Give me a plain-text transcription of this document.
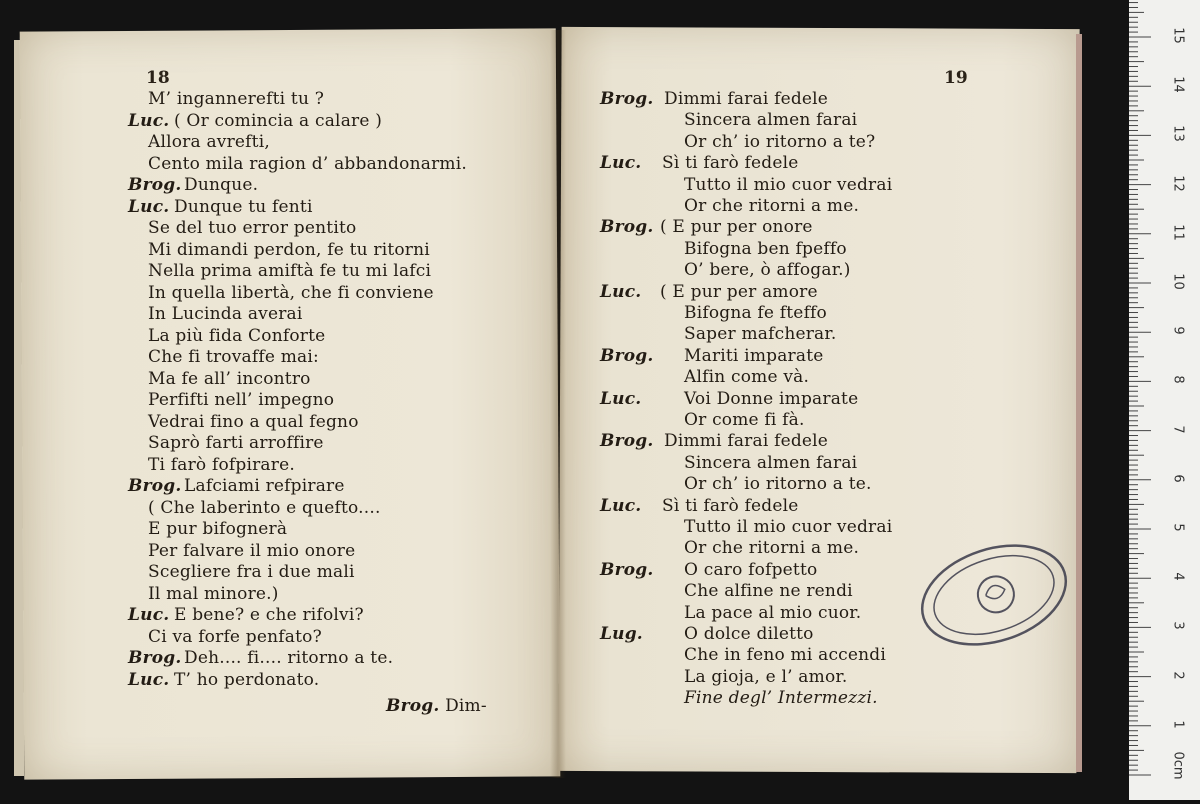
18	19
M’ ingannerefti tu ?
Luc. ( Or comincia a calare )
Allora avrefti,
Cento mila ragion d’ abbandonarmi.
Brog. Dunque.
Luc. Dunque tu fenti
Se del tuo error pentito
Mi dimandi perdon, fe tu ritorni
Nella prima amiftà fe tu mi lafci
In quella libertà, che fi conviene
In Lucinda averai
La più fida Conforte
Che fi trovaffe mai:
Ma fe all’ incontro
Perfifti nell’ impegno
Vedrai fino a qual fegno
Saprò farti arroffire
Ti farò fofpirare.
Brog. Lafciami refpirare
( Che laberinto e quefto....
E pur bifognerà
Per falvare il mio onore
Scegliere fra i due mali
Il mal minore.)
Luc. E bene? e che rifolvi?
Ci va forfe penfato?
Brog. Deh.... fi.... ritorno a te.
Luc. T’ ho perdonato.
Brog. Dimmi farai fedele
Sincera almen farai
Or ch’ io ritorno a te?
Luc. Sì ti farò fedele
Tutto il mio cuor vedrai
Or che ritorni a me.
Brog. ( E pur per onore
Bifogna ben fpeffo
O’ bere, ò affogar.)
Luc. ( E pur per amore
Bifogna fe fteffo
Saper mafcherar.
Brog. Mariti imparate
Alfin come và.
Luc.	Voi Donne imparate
Or come fi fà.
Brog. Dimmi farai fedele
Sincera almen farai
Or ch’ io ritorno a te.
Luc. Sì ti farò fedele
Tutto il mio cuor vedrai
Or che ritorni a me.
Brog. O caro fofpetto
Che alfine ne rendi
La pace al mio cuor.
Lug. O dolce diletto
Che in feno mi accendi
La gioja, e l’ amor.
Brog. Dim-	Fine degl’ Intermezzi.
0cm
1
2
3
4
5
6
7
8
9
10
11
12
13
14
15
